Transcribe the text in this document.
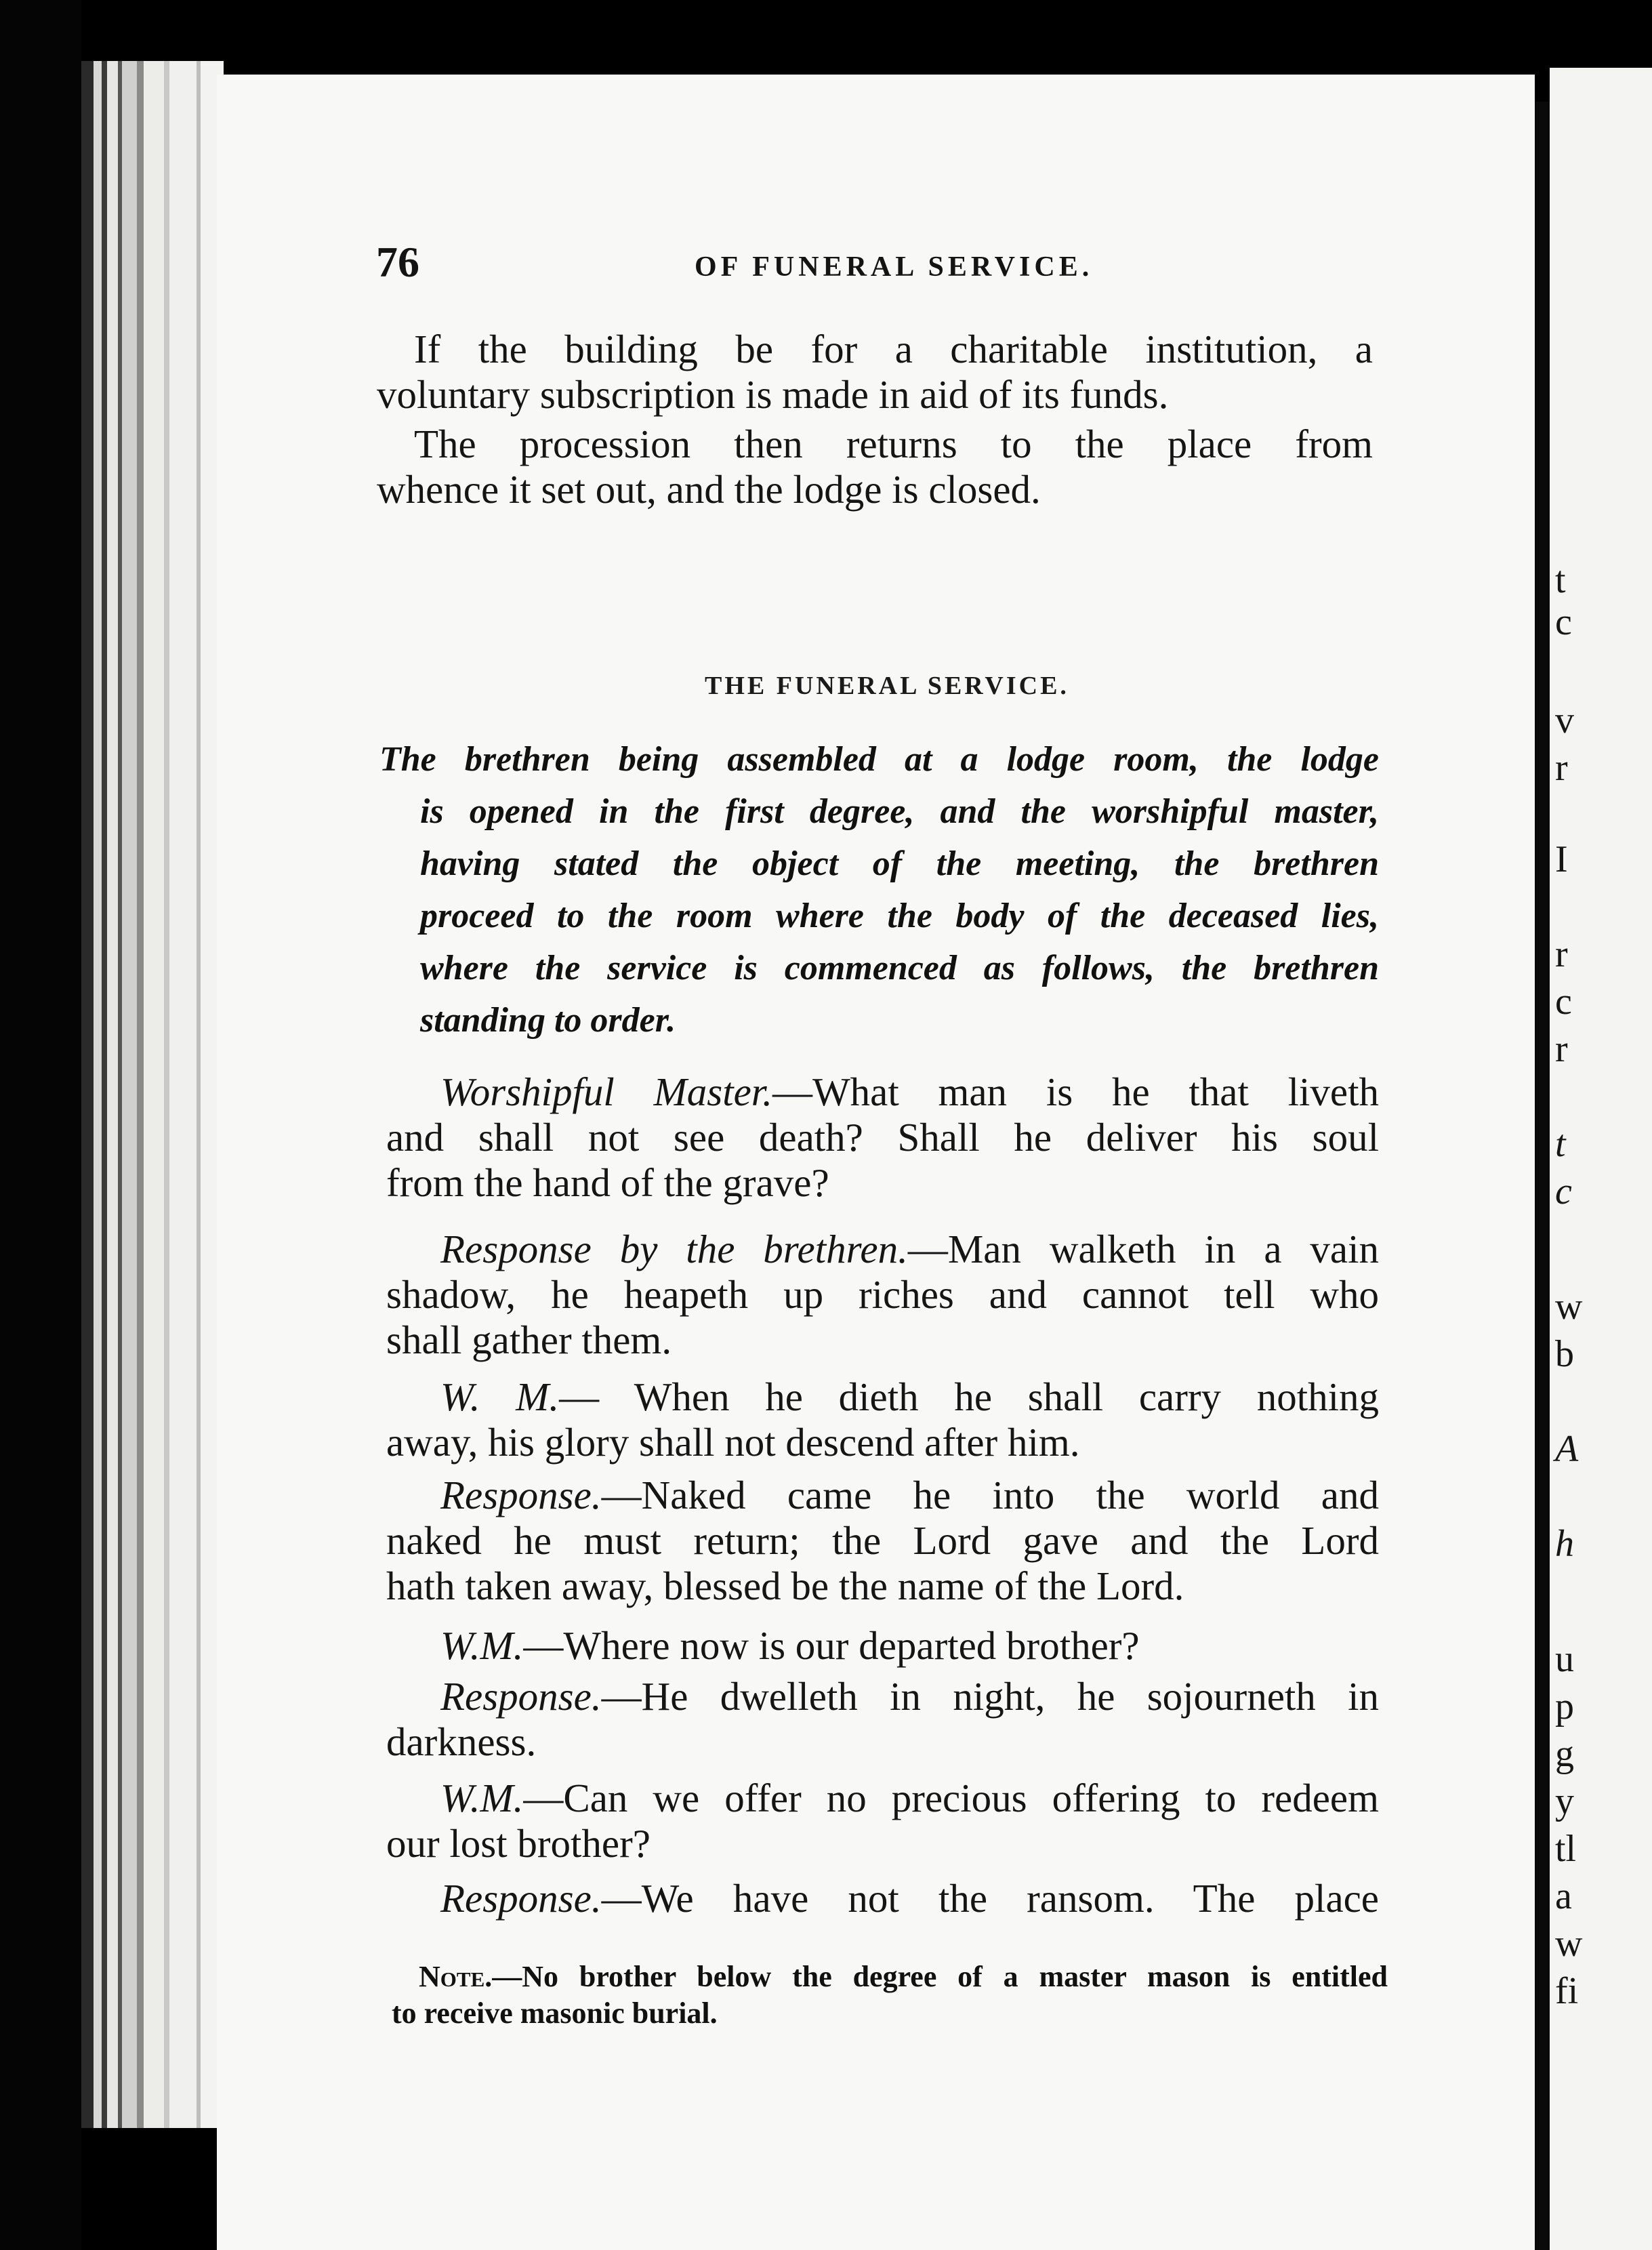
76	OF FUNERAL SERVICE.
If the building be for a charitable institution, a
voluntary subscription is made in aid of its funds.
The procession then returns to the place from
whence it set out, and the lodge is closed.
THE FUNERAL SERVICE.
The brethren being assembled at a lodge room, the lodge
is opened in the first degree, and the worshipful master,
having stated the object of the meeting, the brethren
proceed to the room where the body of the deceased lies,
where the service is commenced as follows, the brethren
standing to order.
Worshipful Master.—What man is he that liveth
and shall not see death? Shall he deliver his soul
from the hand of the grave?
Response by the brethren.—Man walketh in a vain
shadow, he heapeth up riches and cannot tell who
shall gather them.
W. M.— When he dieth he shall carry nothing
away, his glory shall not descend after him.
Response.—Naked came he into the world and
naked he must return; the Lord gave and the Lord
hath taken away, blessed be the name of the Lord.
W.M.—Where now is our departed brother?
Response.—He dwelleth in night, he sojourneth in
darkness.
W.M.—Can we offer no precious offering to redeem
our lost brother?
Response.—We have not the ransom. The place
Note.—No brother below the degree of a master mason is entitled
to receive masonic burial.
t
c
v
r
I
r
c
r
t
c
w
b
A
h
u
p
g
y
tl
a
w
fi
